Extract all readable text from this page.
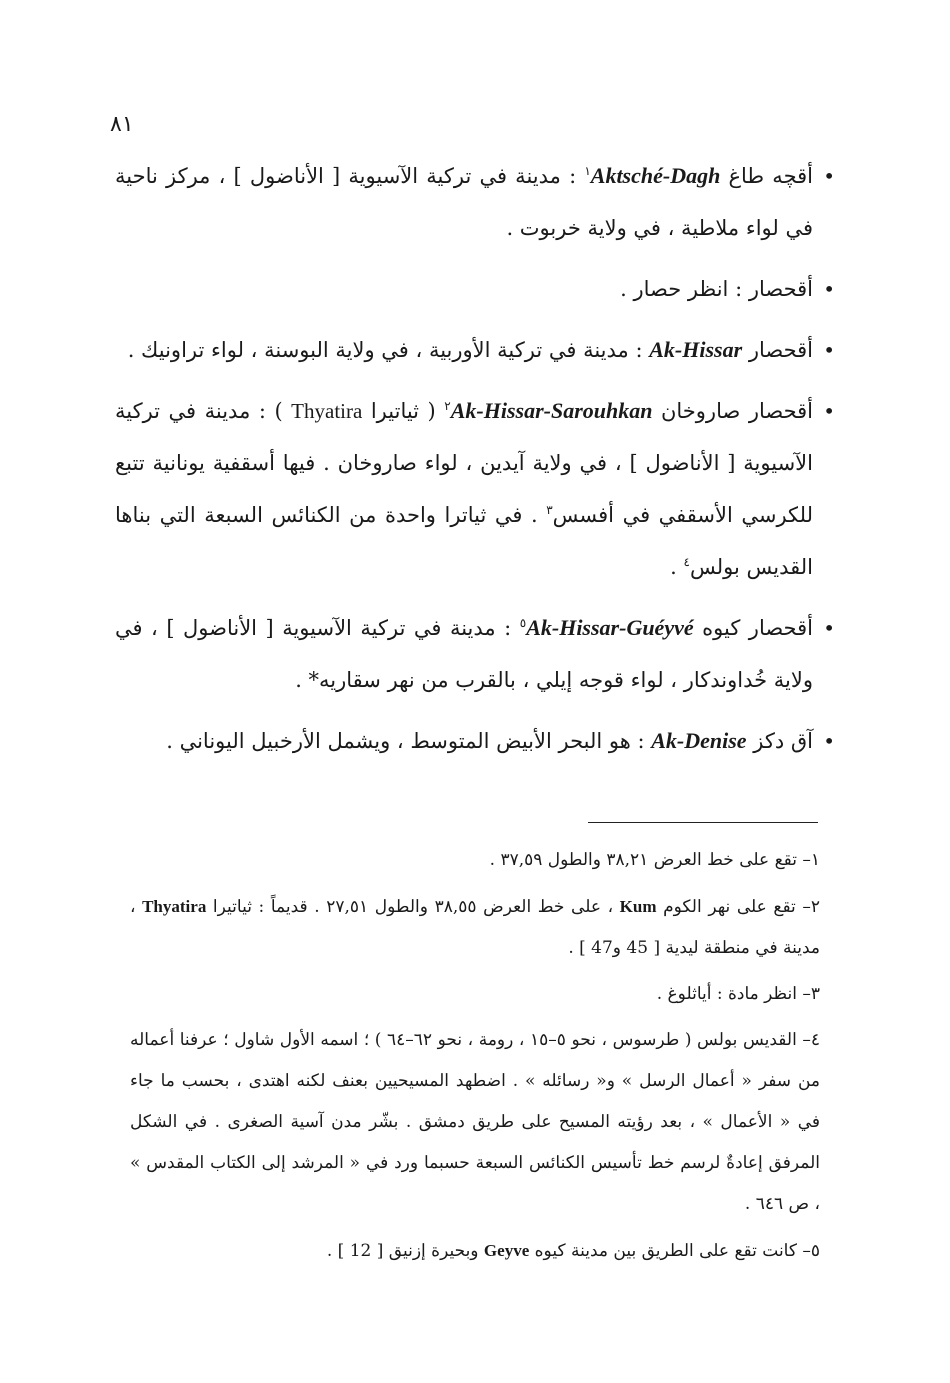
٨١

•
أقچه طاغ Aktsché-Dagh$^١$ : مدينة في تركية الآسيوية [ الأناضول ] ، مركز ناحية في لواء ملاطية ، في ولاية خربوت .

•
أقحصار : انظر حصار .

•
أقحصار Ak-Hissar : مدينة في تركية الأوربية ، في ولاية البوسنة ، لواء تراونيك .

•
أقحصار صاروخان Ak-Hissar-Sarouhkan$^٢$ ( ثياتيرا Thyatira ) : مدينة في تركية الآسيوية [ الأناضول ] ، في ولاية آيدين ، لواء صاروخان . فيها أسقفية يونانية تتبع للكرسي الأسقفي في أفسس$^٣$ . في ثياترا واحدة من الكنائس السبعة التي بناها القديس بولس$^٤$ .

•
أقحصار كيوه Ak-Hissar-Guéyvé$^٥$ : مدينة في تركية الآسيوية [ الأناضول ] ، في ولاية خُداوندكار ، لواء قوجه إيلي ، بالقرب من نهر سقاريه* .

•
آق دكز Ak-Denise : هو البحر الأبيض المتوسط ، ويشمل الأرخبيل اليوناني .

١– تقع على خط العرض ٣٨,٢١ والطول ٣٧,٥٩ .

٢– تقع على نهر الكوم Kum ، على خط العرض ٣٨,٥٥ والطول ٢٧,٥١ . قديماً : ثياتيرا Thyatira ، مدينة في منطقة ليدية [ 45 و47 ] .

٣– انظر مادة : أياثلوغ .

٤– القديس بولس ( طرسوس ، نحو ٥–١٥ ، رومة ، نحو ٦٢–٦٤ ) ؛ اسمه الأول شاول ؛ عرفنا أعماله من سفر « أعمال الرسل » و« رسائله » . اضطهد المسيحيين بعنف لكنه اهتدى ، بحسب ما جاء في « الأعمال » ، بعد رؤيته المسيح على طريق دمشق . بشّر مدن آسية الصغرى . في الشكل المرفق إعادةٌ لرسم خط تأسيس الكنائس السبعة حسبما ورد في « المرشد إلى الكتاب المقدس » ، ص ٦٤٦ .

٥– كانت تقع على الطريق بين مدينة كيوه Geyve وبحيرة إزنيق [ 12 ] .
